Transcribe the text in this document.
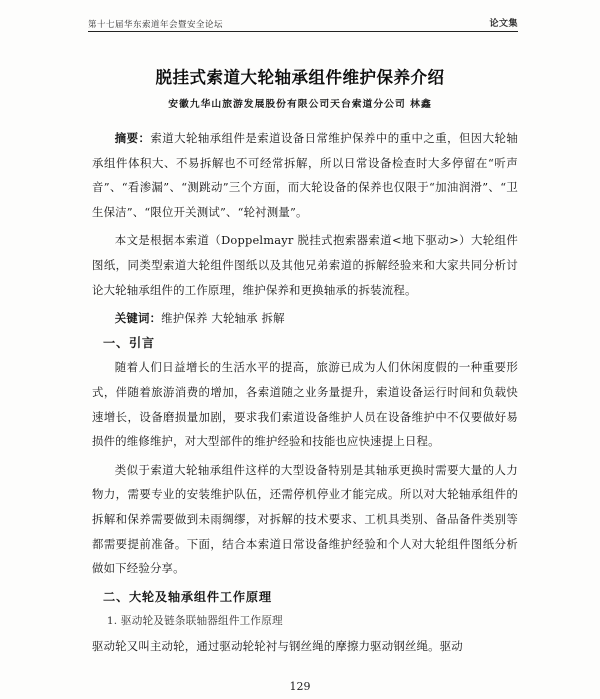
第十七届华东索道年会暨安全论坛	论文集
脱挂式索道大轮轴承组件维护保养介绍
安徽九华山旅游发展股份有限公司天台索道分公司 林鑫

摘要：索道大轮轴承组件是索道设备日常维护保养中的重中之重，但因大轮轴承组件体积大、不易拆解也不可经常拆解，所以日常设备检查时大多停留在“听声音”、“看渗漏”、“测跳动”三个方面，而大轮设备的保养也仅限于“加油润滑”、“卫生保洁”、“限位开关测试”、“轮衬测量”。

本文是根据本索道（Doppelmayr 脱挂式抱索器索道<地下驱动>）大轮组件图纸，同类型索道大轮组件图纸以及其他兄弟索道的拆解经验来和大家共同分析讨论大轮轴承组件的工作原理，维护保养和更换轴承的拆装流程。

关键词：维护保养 大轮轴承 拆解

一、引言

随着人们日益增长的生活水平的提高，旅游已成为人们休闲度假的一种重要形式，伴随着旅游消费的增加，各索道随之业务量提升，索道设备运行时间和负载快速增长，设备磨损量加剧，要求我们索道设备维护人员在设备维护中不仅要做好易损件的维修维护，对大型部件的维护经验和技能也应快速提上日程。

类似于索道大轮轴承组件这样的大型设备特别是其轴承更换时需要大量的人力物力，需要专业的安装维护队伍，还需停机停业才能完成。所以对大轮轴承组件的拆解和保养需要做到未雨绸缪，对拆解的技术要求、工机具类别、备品备件类别等都需要提前准备。下面，结合本索道日常设备维护经验和个人对大轮组件图纸分析做如下经验分享。

二、大轮及轴承组件工作原理

1. 驱动轮及链条联轴器组件工作原理

驱动轮又叫主动轮，通过驱动轮轮衬与钢丝绳的摩擦力驱动钢丝绳。驱动

129
